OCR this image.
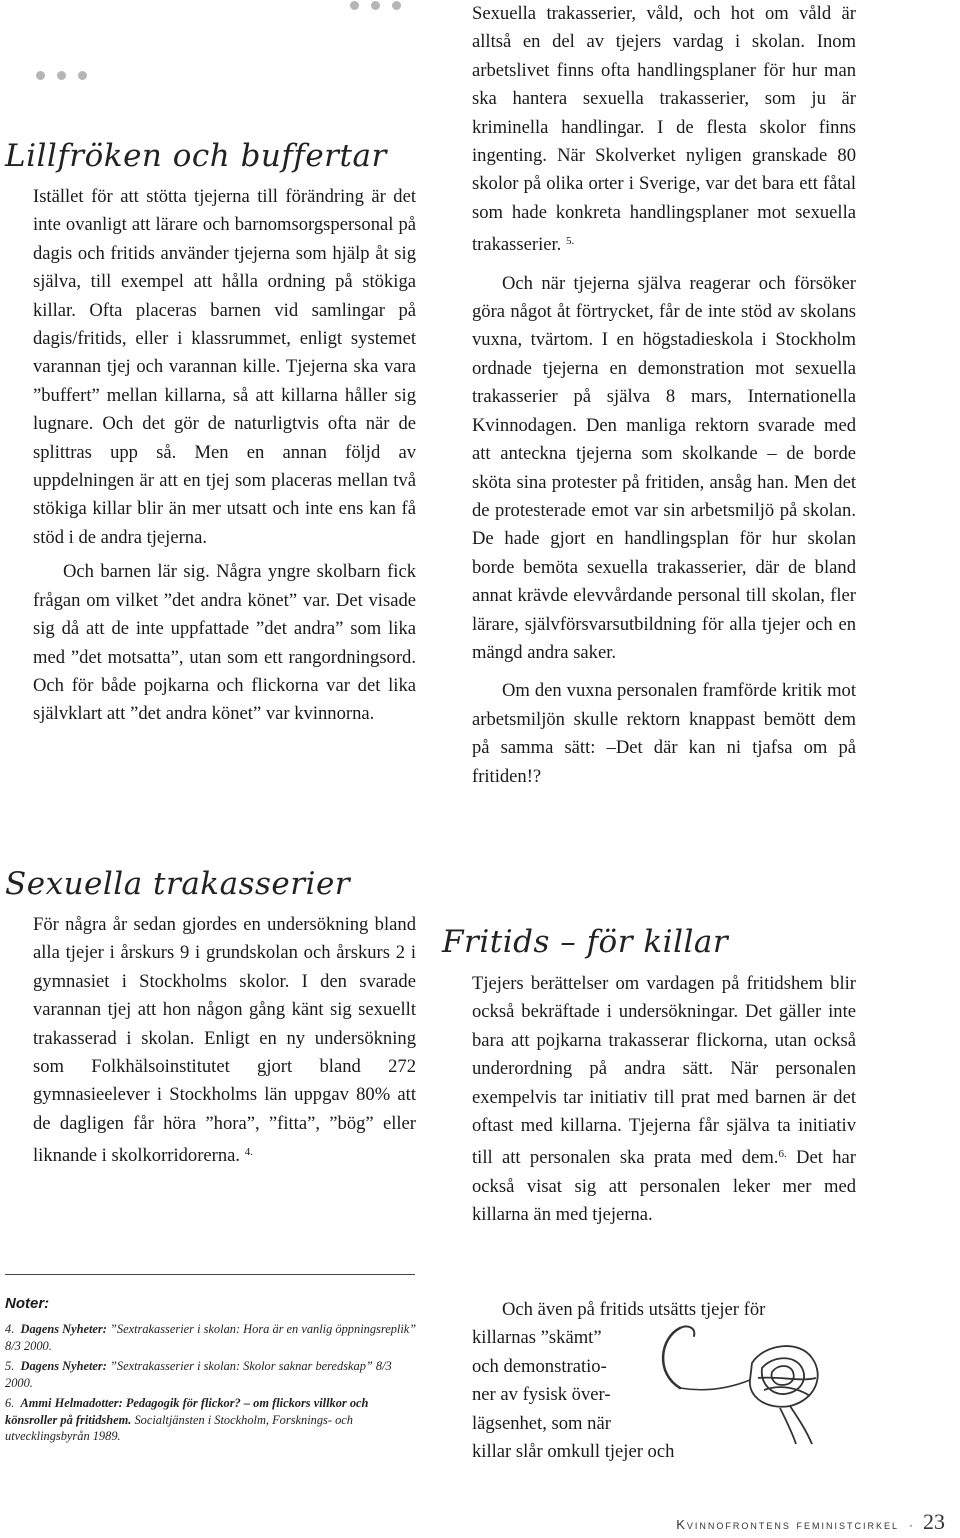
Lillfröken och buffertar

Istället för att stötta tjejerna till förändring är det inte ovanligt att lärare och barnomsorgspersonal på dagis och fritids använder tjejerna som hjälp åt sig själva, till exempel att hålla ordning på stökiga killar. Ofta placeras barnen vid samlingar på dagis/fritids, eller i klassrummet, enligt systemet varannan tjej och varannan kille. Tjejerna ska vara ”buffert” mellan killarna, så att killarna håller sig lugnare. Och det gör de naturligtvis ofta när de splittras upp så. Men en annan följd av uppdelningen är att en tjej som placeras mellan två stökiga killar blir än mer utsatt och inte ens kan få stöd i de andra tjejerna.

Och barnen lär sig. Några yngre skolbarn fick frågan om vilket ”det andra könet” var. Det visade sig då att de inte uppfattade ”det andra” som lika med ”det motsatta”, utan som ett rangordningsord. Och för både pojkarna och flickorna var det lika självklart att ”det andra könet” var kvinnorna.

Sexuella trakasserier

För några år sedan gjordes en undersökning bland alla tjejer i årskurs 9 i grundskolan och årskurs 2 i gymnasiet i Stockholms skolor. I den svarade varannan tjej att hon någon gång känt sig sexuellt trakasserad i skolan. Enligt en ny undersökning som Folkhälsoinstitutet gjort bland 272 gymnasieelever i Stockholms län uppgav 80% att de dagligen får höra ”hora”, ”fitta”, ”bög” eller liknande i skolkorridorerna. $^{4.}$

Noter:

4. Dagens Nyheter: ”Sextrakasserier i skolan: Hora är en vanlig öppningsreplik” 8/3 2000.

5. Dagens Nyheter: ”Sextrakasserier i skolan: Skolor saknar beredskap” 8/3 2000.

6. Ammi Helmadotter: Pedagogik för flickor? – om flickors villkor och könsroller på fritidshem. Socialtjänsten i Stockholm, Forsknings- och utvecklingsbyrån 1989.

Sexuella trakasserier, våld, och hot om våld är alltså en del av tjejers vardag i skolan. Inom arbetslivet finns ofta handlingsplaner för hur man ska hantera sexuella trakasserier, som ju är kriminella handlingar. I de flesta skolor finns ingenting. När Skolverket nyligen granskade 80 skolor på olika orter i Sverige, var det bara ett fåtal som hade konkreta handlingsplaner mot sexuella trakasserier. $^{5.}$

Och när tjejerna själva reagerar och försöker göra något åt förtrycket, får de inte stöd av skolans vuxna, tvärtom. I en högstadieskola i Stockholm ordnade tjejerna en demonstration mot sexuella trakasserier på själva 8 mars, Internationella Kvinnodagen. Den manliga rektorn svarade med att anteckna tjejerna som skolkande – de borde sköta sina protester på fritiden, ansåg han. Men det de protesterade emot var sin arbetsmiljö på skolan. De hade gjort en handlingsplan för hur skolan borde bemöta sexuella trakasserier, där de bland annat krävde elevvårdande personal till skolan, fler lärare, självförsvarsutbildning för alla tjejer och en mängd andra saker.

Om den vuxna personalen framförde kritik mot arbetsmiljön skulle rektorn knappast bemött dem på samma sätt: –Det där kan ni tjafsa om på fritiden!?

Fritids – för killar

Tjejers berättelser om vardagen på fritidshem blir också bekräftade i undersökningar. Det gäller inte bara att pojkarna trakasserar flickorna, utan också underordning på andra sätt. När personalen exempelvis tar initiativ till prat med barnen är det oftast med killarna. Tjejerna får själva ta initiativ till att personalen ska prata med dem.$^{6.}$ Det har också visat sig att personalen leker mer med killarna än med tjejerna.

Och även på fritids utsätts tjejer för

killarnas ”skämt”

och demonstratio-

ner av fysisk över-

lägsenhet, som när

killar slår omkull tjejer och

Kvinnofrontens feministcirkel · 23
